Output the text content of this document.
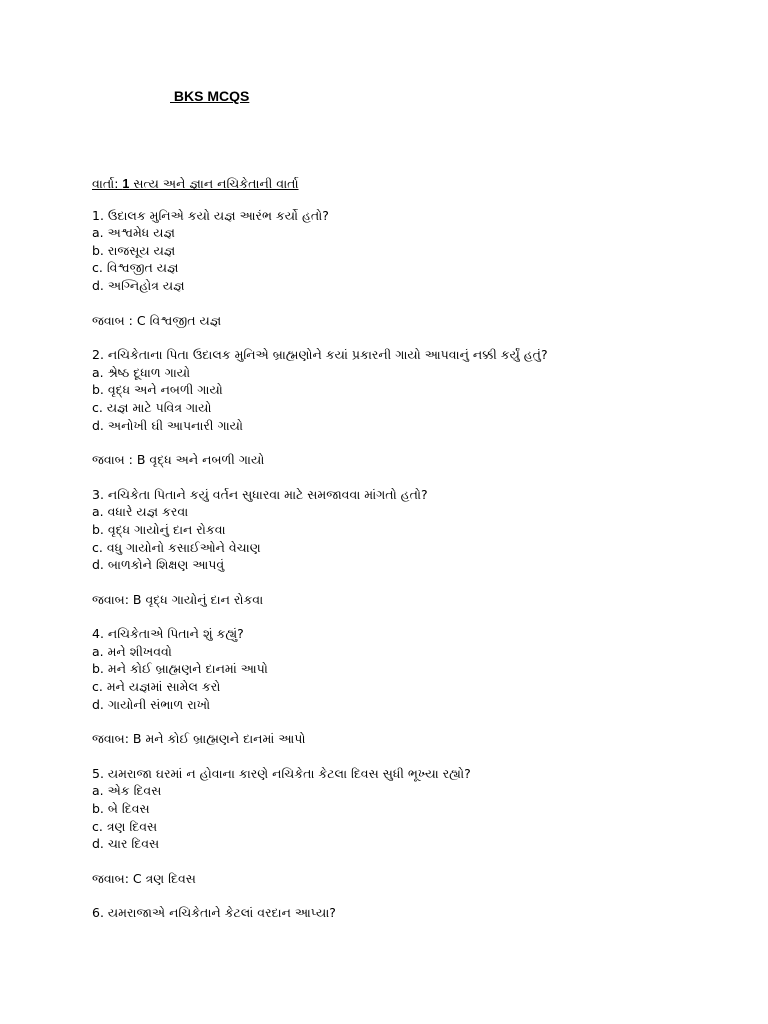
BKS MCQS
વાર્તા: 1 સત્ય અને જ્ઞાન નચિકેતાની વાર્તા
1. ઉદાલક મુનિએ કયો યજ્ઞ આરંભ કર્યો હતો?
a. અશ્વમેધ યજ્ઞ
b. રાજસૂય યજ્ઞ
c. વિશ્વજીત યજ્ઞ
d. અગ્નિહોત્ર યજ્ઞ
જવાબ : C વિશ્વજીત યજ્ઞ
2. નચિકેતાના પિતા ઉદાલક મુનિએ બ્રાહ્મણોને કયાં પ્રકારની ગાયો આપવાનું નક્કી કર્યું હતું?
a. શ્રેષ્ઠ દૂધાળ ગાયો
b. વૃદ્ધ અને નબળી ગાયો
c. યજ્ઞ માટે પવિત્ર ગાયો
d. અનોખી ઘી આપનારી ગાયો
જવાબ : B વૃદ્ધ અને નબળી ગાયો
3. નચિકેતા પિતાને કયું વર્તન સુધારવા માટે સમજાવવા માંગતો હતો?
a. વધારે યજ્ઞ કરવા
b. વૃદ્ધ ગાયોનું દાન રોકવા
c. વધુ ગાયોનો કસાઈઓને વેચાણ
d. બાળકોને શિક્ષણ આપવું
જવાબ: B વૃદ્ધ ગાયોનું દાન રોકવા
4. નચિકેતાએ પિતાને શું કહ્યું?
a. મને શીખવવો
b. મને કોઈ બ્રાહ્મણને દાનમાં આપો
c. મને યજ્ઞમાં સામેલ કરો
d. ગાયોની સંભાળ રાખો
જવાબ: B મને કોઈ બ્રાહ્મણને દાનમાં આપો
5. યમરાજા ઘરમાં ન હોવાના કારણે નચિકેતા કેટલા દિવસ સુધી ભૂખ્યા રહ્યો?
a. એક દિવસ
b. બે દિવસ
c. ત્રણ દિવસ
d. ચાર દિવસ
જવાબ: C ત્રણ દિવસ
6. યમરાજાએ નચિકેતાને કેટલાં વરદાન આપ્યા?
